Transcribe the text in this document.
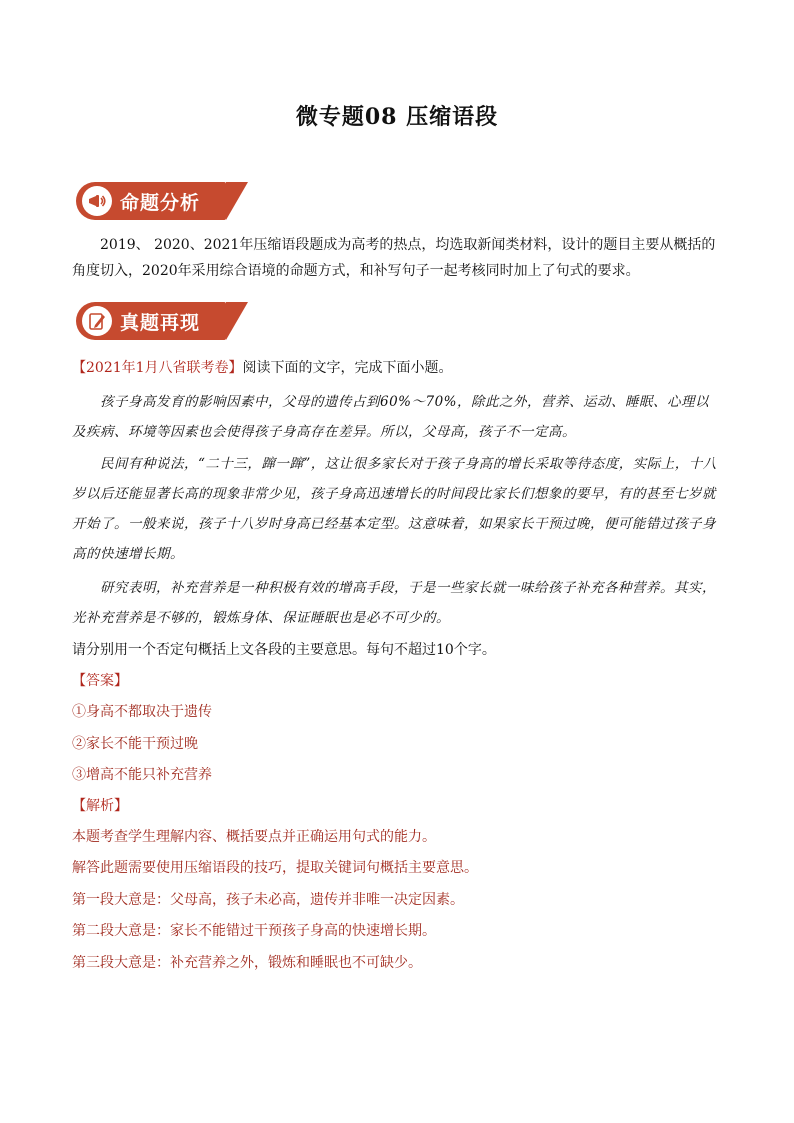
微专题08 压缩语段
命题分析
2019、 2020、2021年压缩语段题成为高考的热点，均选取新闻类材料，设计的题目主要从概括的角度切入，2020年采用综合语境的命题方式，和补写句子一起考核同时加上了句式的要求。
真题再现
【2021年1月八省联考卷】阅读下面的文字，完成下面小题。
孩子身高发育的影响因素中，父母的遗传占到60%～70%，除此之外，营养、运动、睡眠、心理以及疾病、环境等因素也会使得孩子身高存在差异。所以，父母高，孩子不一定高。
民间有种说法，“二十三，蹿一蹿”，这让很多家长对于孩子身高的增长采取等待态度，实际上，十八岁以后还能显著长高的现象非常少见，孩子身高迅速增长的时间段比家长们想象的要早，有的甚至七岁就开始了。一般来说，孩子十八岁时身高已经基本定型。这意味着，如果家长干预过晚，便可能错过孩子身高的快速增长期。
研究表明，补充营养是一种积极有效的增高手段，于是一些家长就一味给孩子补充各种营养。其实，光补充营养是不够的，锻炼身体、保证睡眠也是必不可少的。
请分别用一个否定句概括上文各段的主要意思。每句不超过10个字。
【答案】
①身高不都取决于遗传
②家长不能干预过晚
③增高不能只补充营养
【解析】
本题考查学生理解内容、概括要点并正确运用句式的能力。
解答此题需要使用压缩语段的技巧，提取关键词句概括主要意思。
第一段大意是：父母高，孩子未必高，遗传并非唯一决定因素。
第二段大意是：家长不能错过干预孩子身高的快速增长期。
第三段大意是：补充营养之外，锻炼和睡眠也不可缺少。
